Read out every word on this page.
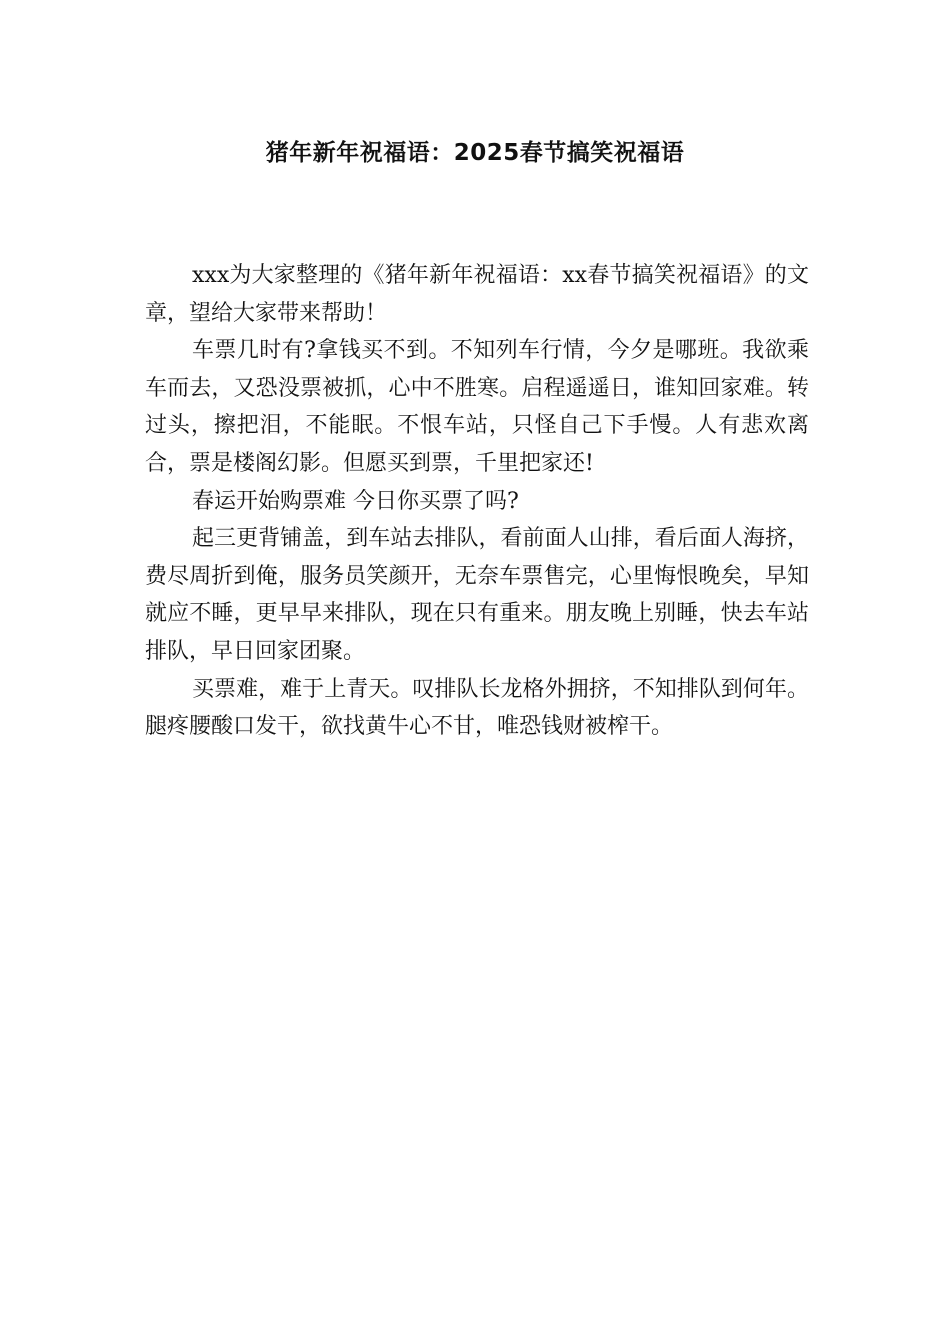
猪年新年祝福语：2025春节搞笑祝福语

xxx为大家整理的《猪年新年祝福语：xx春节搞笑祝福语》的文章，望给大家带来帮助！

车票几时有?拿钱买不到。不知列车行情，今夕是哪班。我欲乘车而去，又恐没票被抓，心中不胜寒。启程遥遥日，谁知回家难。转过头，擦把泪，不能眠。不恨车站，只怪自己下手慢。人有悲欢离合，票是楼阁幻影。但愿买到票，千里把家还!

春运开始购票难 今日你买票了吗?

起三更背铺盖，到车站去排队，看前面人山排，看后面人海挤，费尽周折到俺，服务员笑颜开，无奈车票售完，心里悔恨晚矣，早知就应不睡，更早早来排队，现在只有重来。朋友晚上别睡，快去车站排队，早日回家团聚。

买票难，难于上青天。叹排队长龙格外拥挤，不知排队到何年。腿疼腰酸口发干，欲找黄牛心不甘，唯恐钱财被榨干。
